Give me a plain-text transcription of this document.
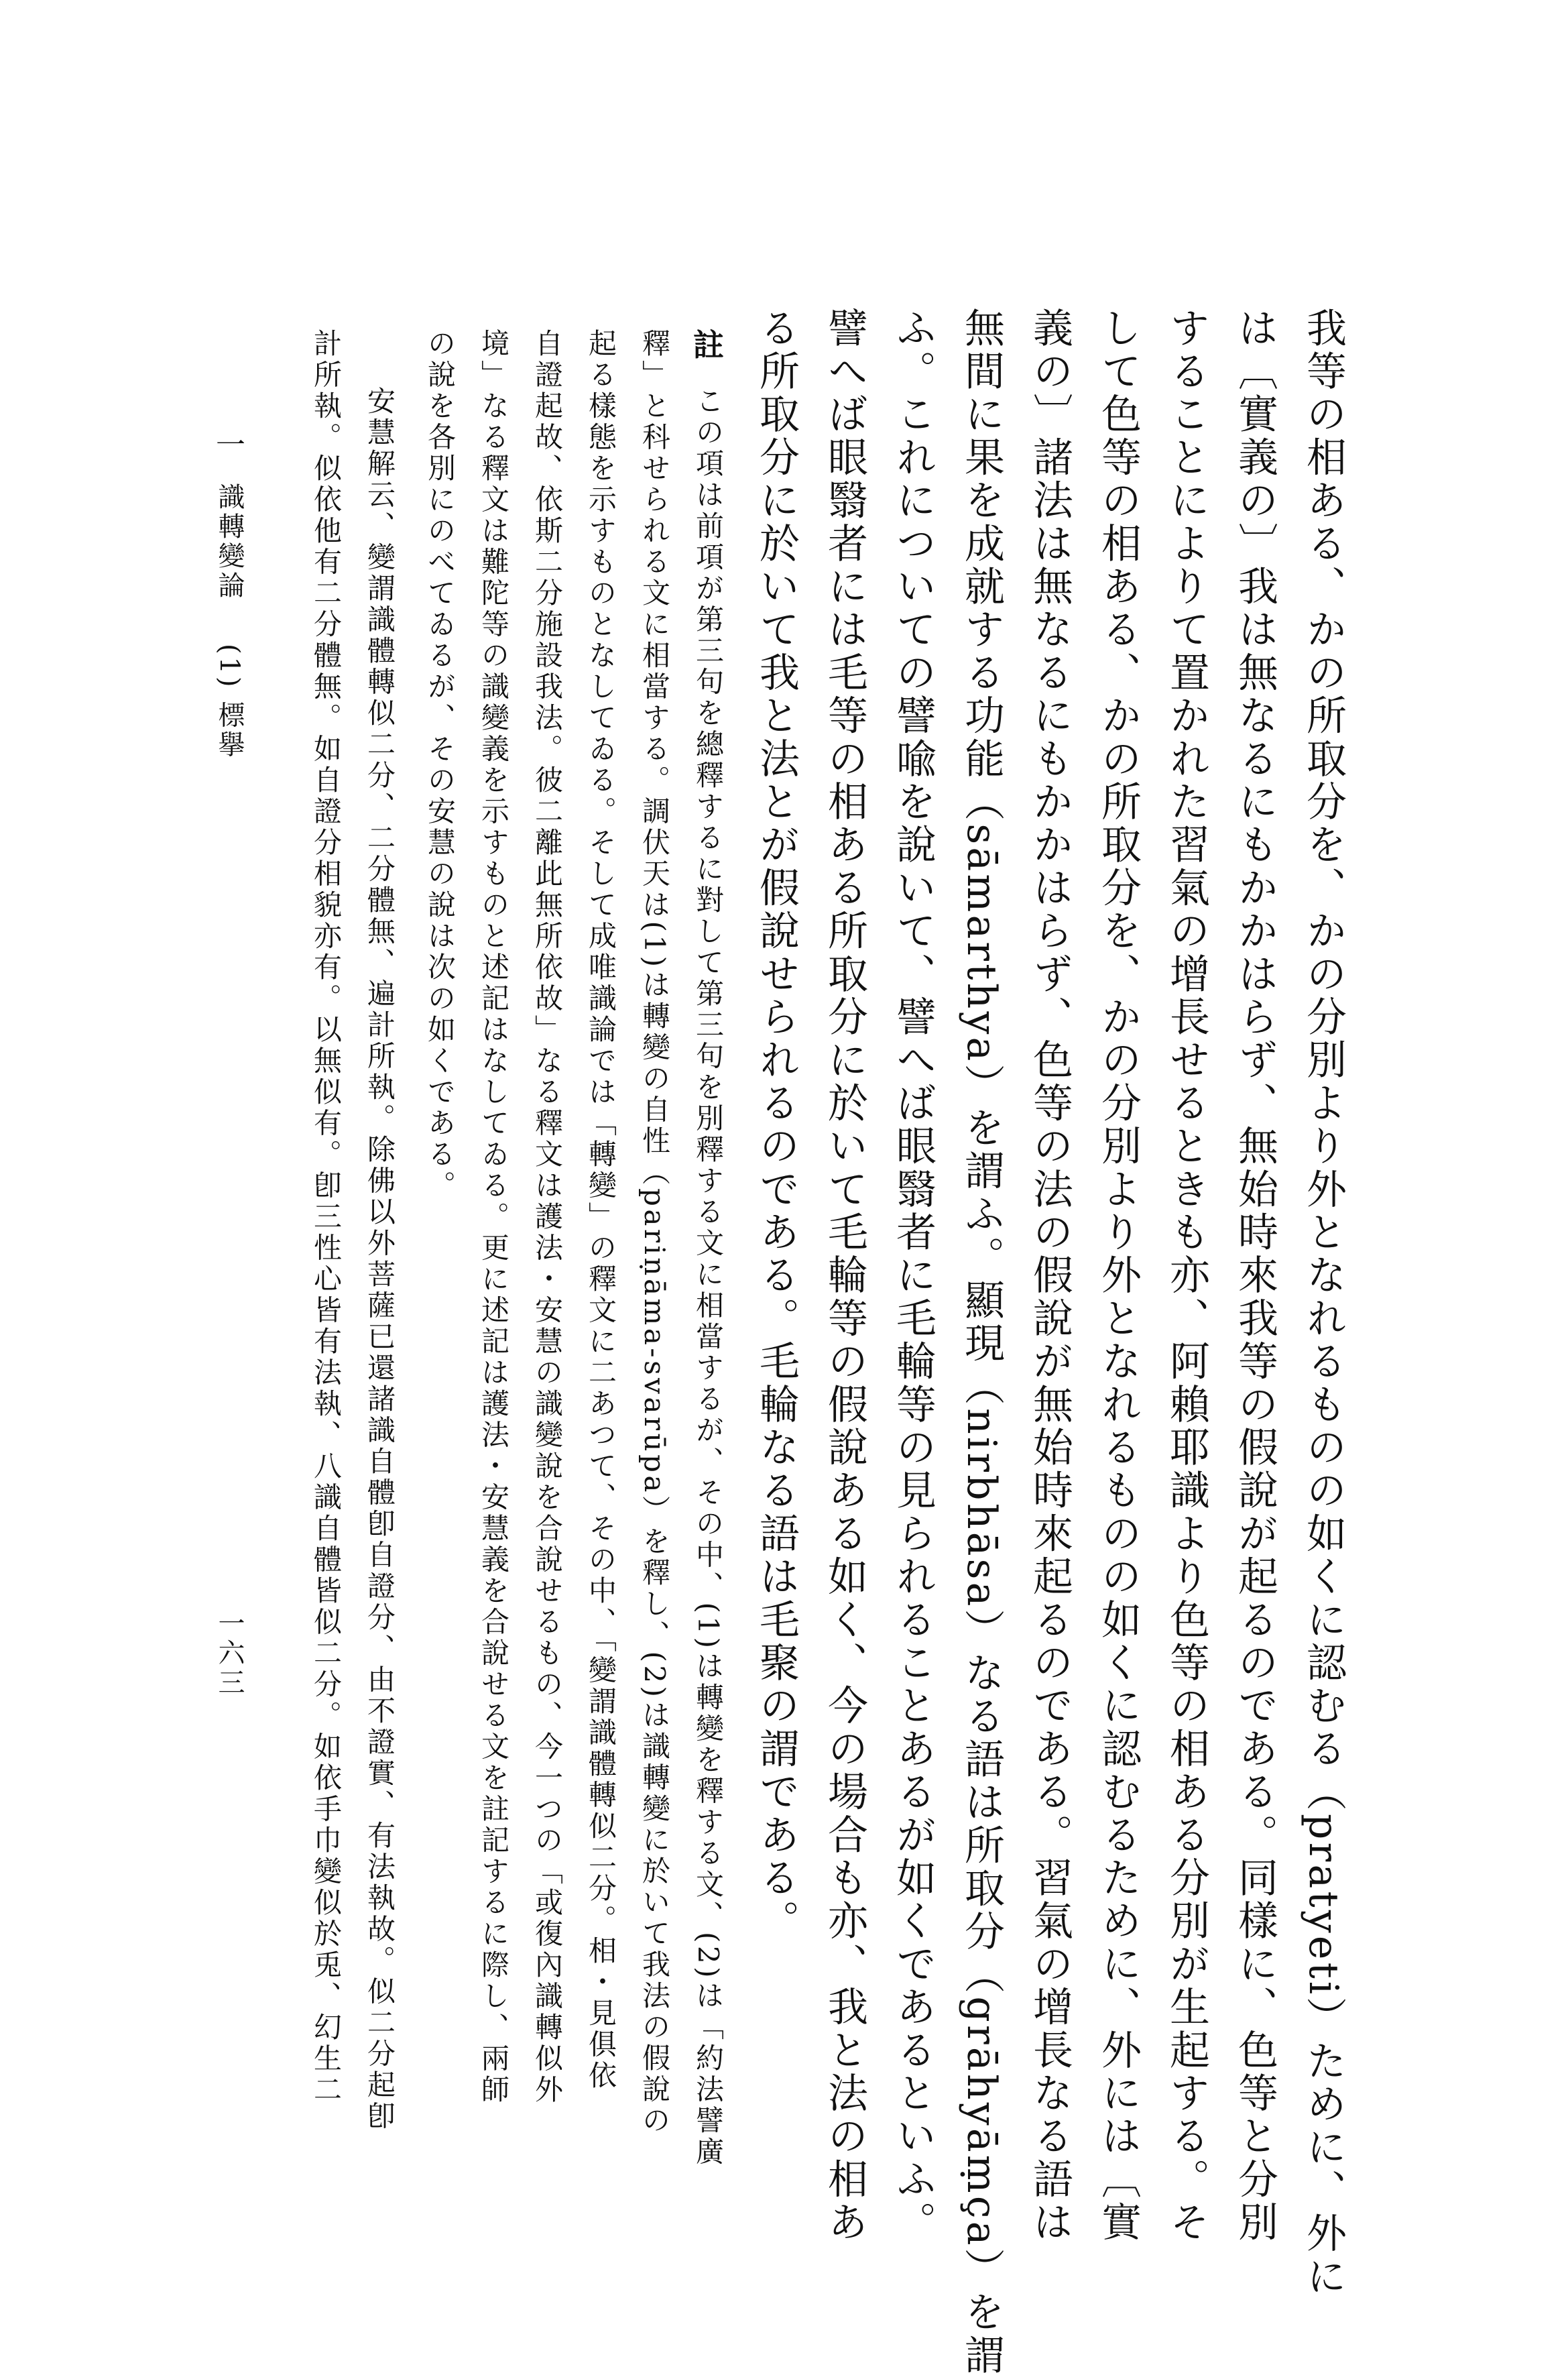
我等の相ある、かの所取分を、かの分別より外となれるものの如くに認むる（pratyeti）ために、外に
は〔實義の〕我は無なるにもかかはらず、無始時來我等の假說が起るのである。同樣に、色等と分別
することによりて置かれた習氣の增長せるときも亦、阿賴耶識より色等の相ある分別が生起する。そ
して色等の相ある、かの所取分を、かの分別より外となれるものの如くに認むるために、外には〔實
義の〕諸法は無なるにもかかはらず、色等の法の假說が無始時來起るのである。習氣の增長なる語は
無間に果を成就する功能（sāmarthya）を謂ふ。顯現（nirbhāsa）なる語は所取分（grāhyāṃça）を謂
ふ。これについての譬喩を說いて、譬へば眼翳者に毛輪等の見られることあるが如くであるといふ。
譬へば眼翳者には毛等の相ある所取分に於いて毛輪等の假說ある如く、今の場合も亦、我と法の相あ
る所取分に於いて我と法とが假說せられるのである。毛輪なる語は毛聚の謂である。
註
この項は前項が第三句を總釋するに對して第三句を別釋する文に相當するが、その中、(1)は轉變を釋する文、(2)は「約法譬廣
釋」と科せられる文に相當する。調伏天は(1)は轉變の自性（pariṇāma-svarūpa）を釋し、(2)は識轉變に於いて我法の假說の
起る樣態を示すものとなしてゐる。そして成唯識論では「轉變」の釋文に二あつて、その中、「變謂識體轉似二分。相・見俱依
自證起故、依斯二分施設我法。彼二離此無所依故」なる釋文は護法・安慧の識變說を合說せるもの、今一つの「或復內識轉似外
境」なる釋文は難陀等の識變義を示すものと述記はなしてゐる。更に述記は護法・安慧義を合說せる文を註記するに際し、兩師
の說を各別にのべてゐるが、その安慧の說は次の如くである。
安慧解云、變謂識體轉似二分、二分體無、遍計所執。除佛以外菩薩已還諸識自體卽自證分、由不證實、有法執故。似二分起卽
計所執。似依他有二分體無。如自證分相貌亦有。以無似有。卽三性心皆有法執、八識自體皆似二分。如依手巾變似於兎、幻生二
一
識轉變論
(1) 標擧
一六三
